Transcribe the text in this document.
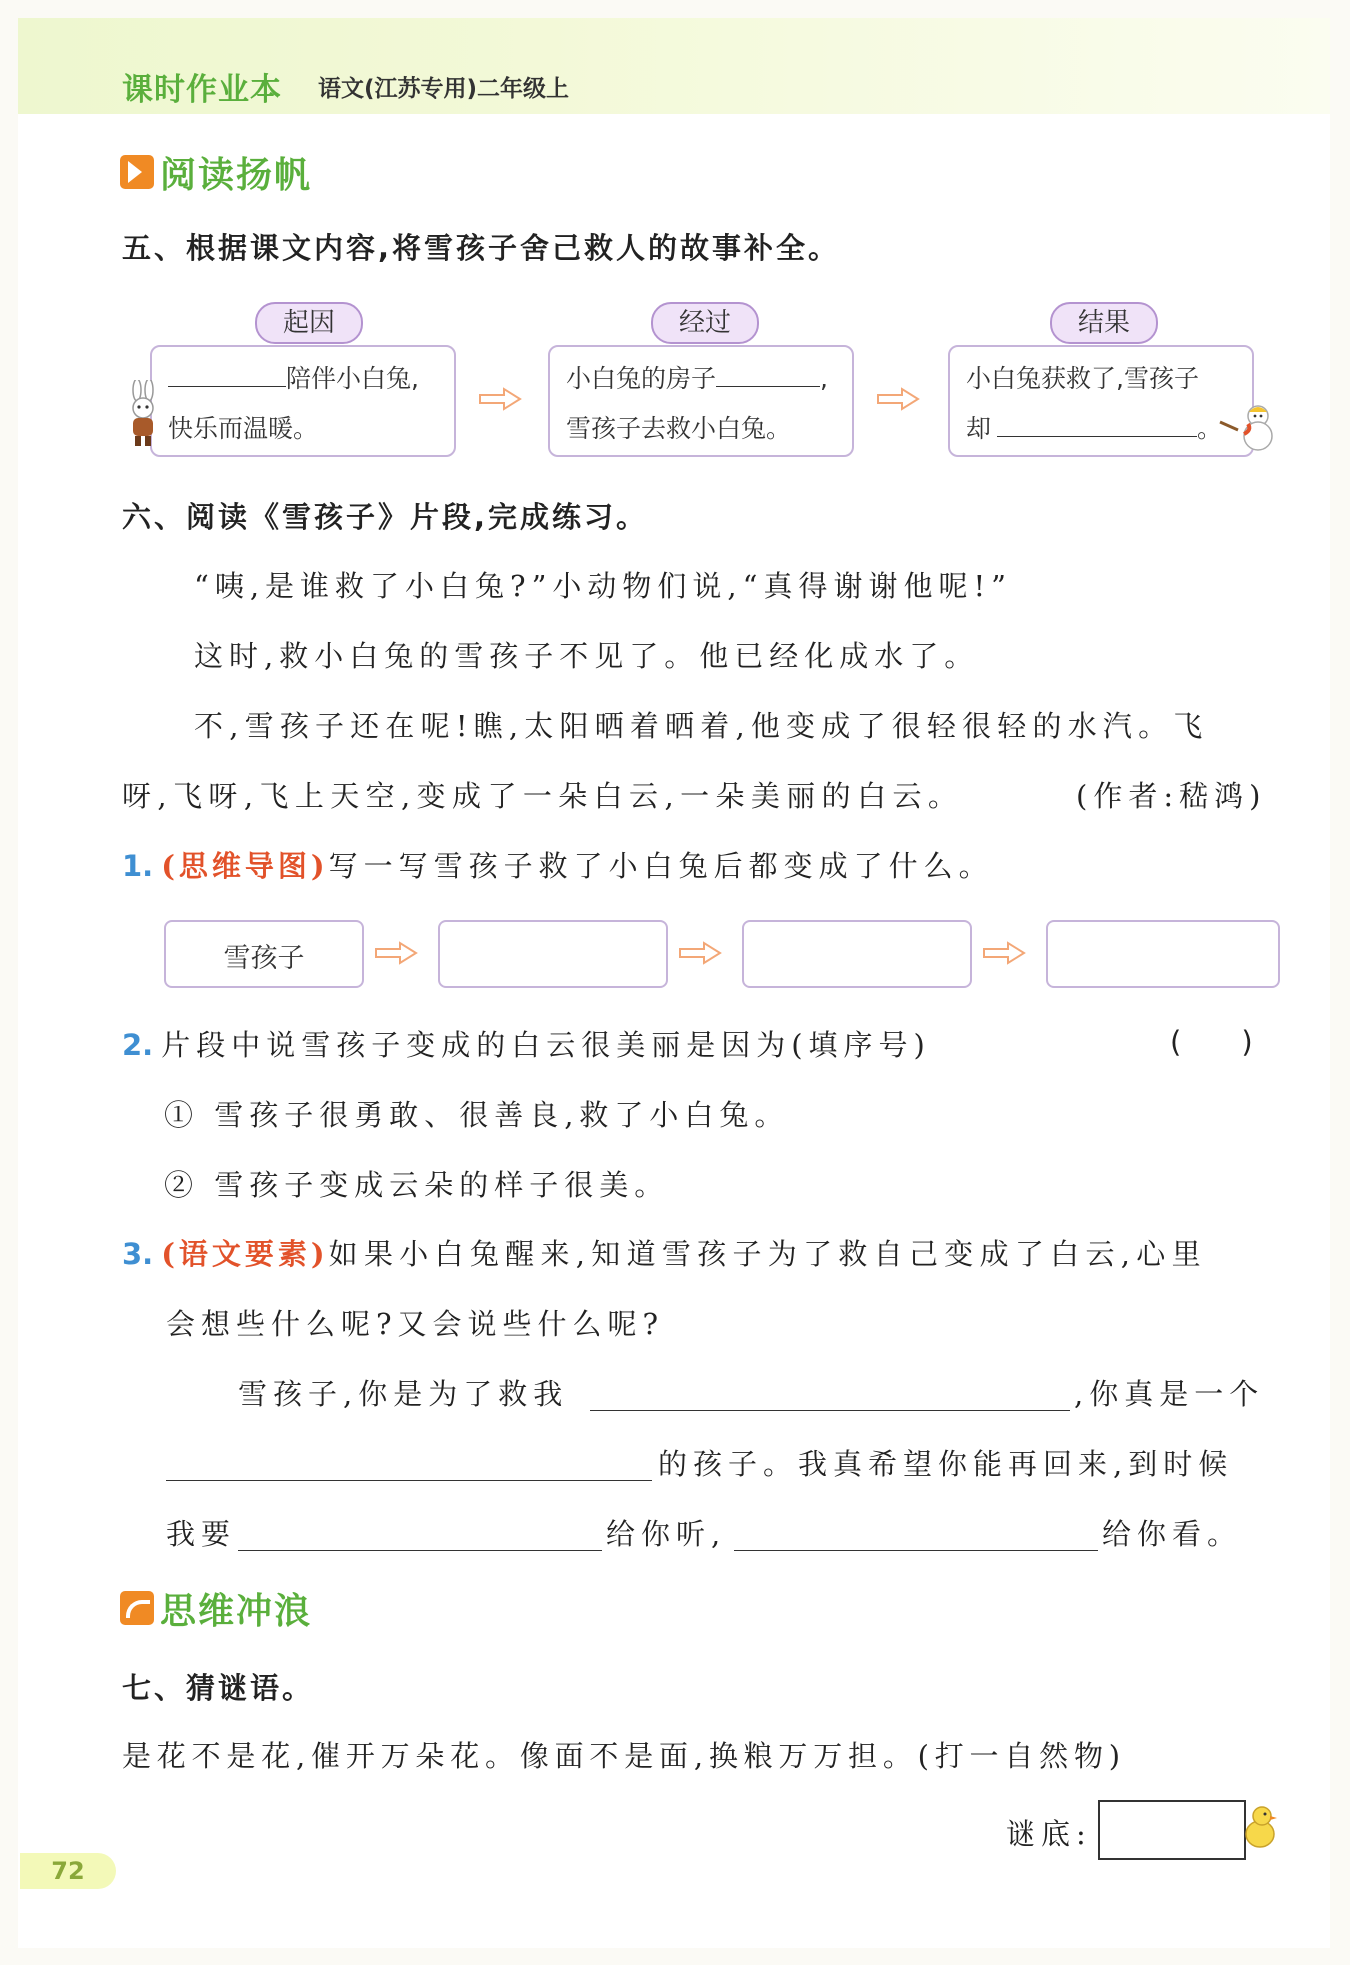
课时作业本 语文(江苏专用)二年级上
阅读扬帆
五、根据课文内容,将雪孩子舍己救人的故事补全。
起因
陪伴小白兔,
快乐而温暖。
经过
小白兔的房子	,
雪孩子去救小白兔。
结果
小白兔获救了,雪孩子
却	。
六、阅读《雪孩子》片段,完成练习。
“咦,是谁救了小白兔?”小动物们说,“真得谢谢他呢!”
这时,救小白兔的雪孩子不见了。他已经化成水了。
不,雪孩子还在呢!瞧,太阳晒着晒着,他变成了很轻很轻的水汽。飞
呀,飞呀,飞上天空,变成了一朵白云,一朵美丽的白云。	(作者:嵇鸿)
1. (思维导图)写一写雪孩子救了小白兔后都变成了什么。
雪孩子
2. 片段中说雪孩子变成的白云很美丽是因为(填序号)	()
① 雪孩子很勇敢、很善良,救了小白兔。
② 雪孩子变成云朵的样子很美。
3. (语文要素)如果小白兔醒来,知道雪孩子为了救自己变成了白云,心里
会想些什么呢?又会说些什么呢?
雪孩子,你是为了救我	,你真是一个
的孩子。我真希望你能再回来,到时候
我要	给你听,	给你看。
思维冲浪
七、猜谜语。
是花不是花,催开万朵花。像面不是面,换粮万万担。(打一自然物)
谜底:
72
